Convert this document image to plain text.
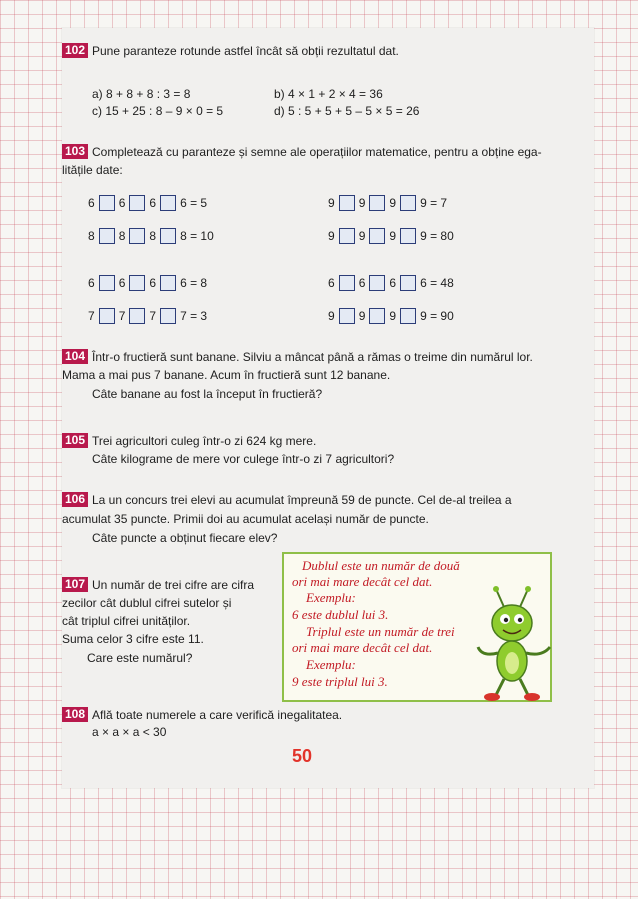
102 Pune paranteze rotunde astfel încât să obții rezultatul dat.
a) 8 + 8 + 8 : 3 = 8	b) 4 × 1 + 2 × 4 = 36
c) 15 + 25 : 8 – 9 × 0 = 5	d) 5 : 5 + 5 + 5 – 5 × 5 = 26
103 Completează cu paranteze și semne ale operațiilor matematice, pentru a obține ega-
litățile date:
6 6 6 6 = 5	9 9 9 9 = 7
8 8 8 8 = 10	9 9 9 9 = 80
6 6 6 6 = 8	6 6 6 6 = 48
7 7 7 7 = 3	9 9 9 9 = 90
104 Într-o fructieră sunt banane. Silviu a mâncat până a rămas o treime din numărul lor.
Mama a mai pus 7 banane. Acum în fructieră sunt 12 banane.
Câte banane au fost la început în fructieră?
105 Trei agricultori culeg într-o zi 624 kg mere.
Câte kilograme de mere vor culege într-o zi 7 agricultori?
106 La un concurs trei elevi au acumulat împreună 59 de puncte. Cel de-al treilea a
acumulat 35 puncte. Primii doi au acumulat același număr de puncte.
Câte puncte a obținut fiecare elev?
107 Un număr de trei cifre are cifra
zecilor cât dublul cifrei sutelor și
cât triplul cifrei unităților.
Suma celor 3 cifre este 11.
Care este numărul?
Dublul este un număr de două
ori mai mare decât cel dat.
Exemplu:
6 este dublul lui 3.
Triplul este un număr de trei
ori mai mare decât cel dat.
Exemplu:
9 este triplul lui 3.
108 Află toate numerele a care verifică inegalitatea.
a × a × a < 30
50
